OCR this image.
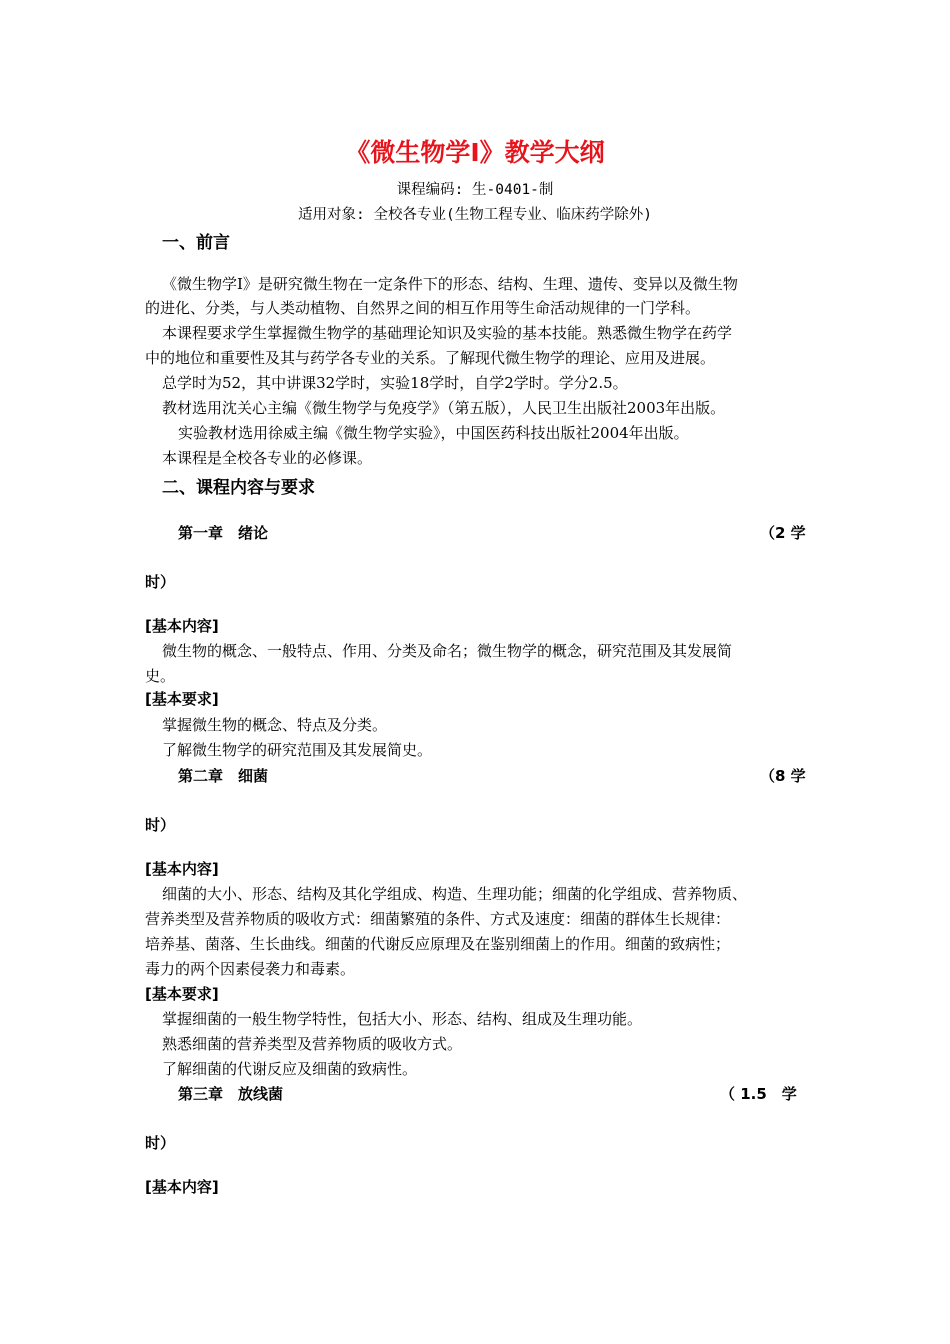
《微生物学Ⅰ》教学大纲
课程编码: 生-0401-制
适用对象: 全校各专业(生物工程专业、临床药学除外)
一、前言
《微生物学I》是研究微生物在一定条件下的形态、结构、生理、遗传、变异以及微生物
的进化、分类，与人类动植物、自然界之间的相互作用等生命活动规律的一门学科。
本课程要求学生掌握微生物学的基础理论知识及实验的基本技能。熟悉微生物学在药学
中的地位和重要性及其与药学各专业的关系。了解现代微生物学的理论、应用及进展。
总学时为52，其中讲课32学时，实验18学时，自学2学时。学分2.5。
教材选用沈关心主编《微生物学与免疫学》（第五版），人民卫生出版社2003年出版。
实验教材选用徐威主编《微生物学实验》，中国医药科技出版社2004年出版。
本课程是全校各专业的必修课。
二、课程内容与要求
第一章　绪论	（2 学
时）
[基本内容]
微生物的概念、一般特点、作用、分类及命名；微生物学的概念，研究范围及其发展简
史。
[基本要求]
掌握微生物的概念、特点及分类。
了解微生物学的研究范围及其发展简史。
第二章　细菌	（8 学
时）
[基本内容]
细菌的大小、形态、结构及其化学组成、构造、生理功能；细菌的化学组成、营养物质、
营养类型及营养物质的吸收方式：细菌繁殖的条件、方式及速度：细菌的群体生长规律：
培养基、菌落、生长曲线。细菌的代谢反应原理及在鉴别细菌上的作用。细菌的致病性；
毒力的两个因素侵袭力和毒素。
[基本要求]
掌握细菌的一般生物学特性，包括大小、形态、结构、组成及生理功能。
熟悉细菌的营养类型及营养物质的吸收方式。
了解细菌的代谢反应及细菌的致病性。
第三章　放线菌	（ 1.5　学
时）
[基本内容]
